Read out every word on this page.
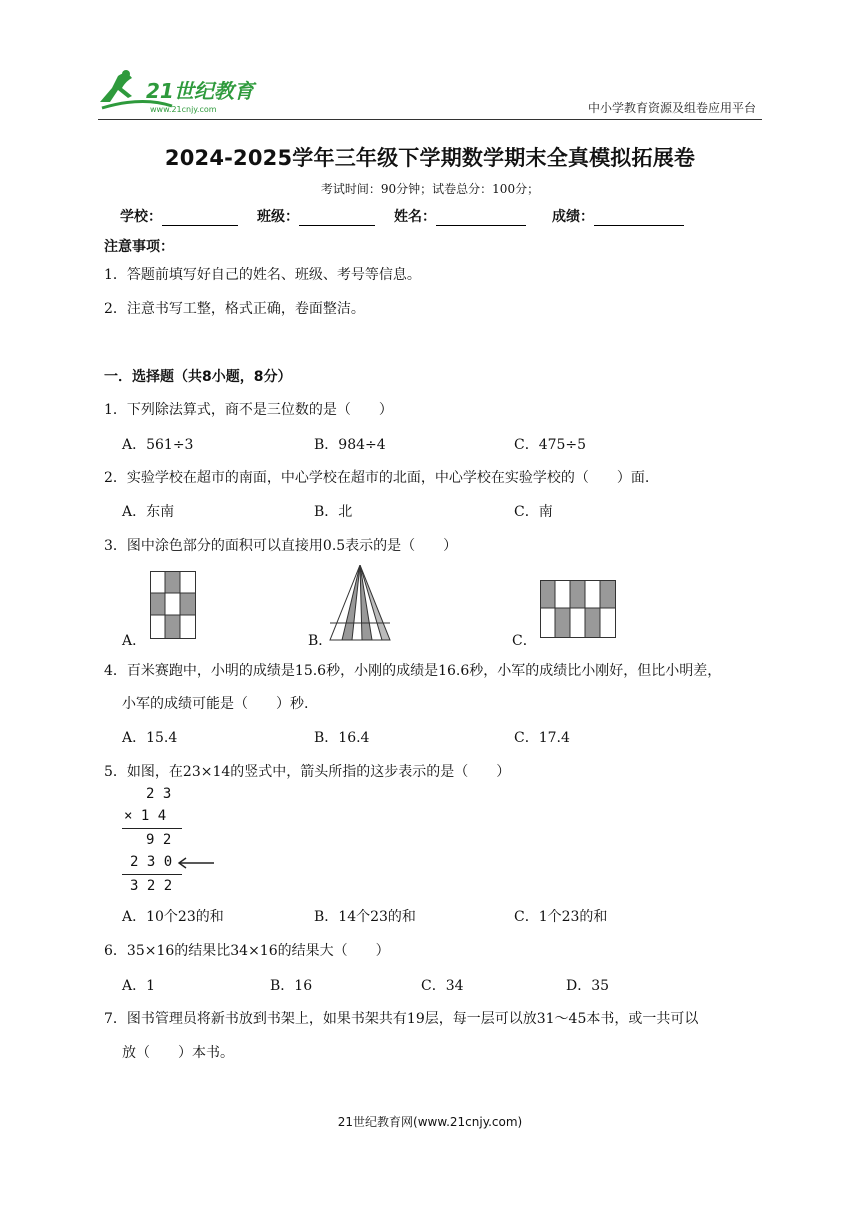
21世纪教育
www.21cnjy.com	中小学教育资源及组卷应用平台
2024-2025学年三年级下学期数学期末全真模拟拓展卷
考试时间：90分钟；试卷总分：100分；
学校：	班级：	姓名：	成绩：
注意事项：
1．答题前填写好自己的姓名、班级、考号等信息。
2．注意书写工整，格式正确，卷面整洁。
一．选择题（共8小题，8分）
1．下列除法算式，商不是三位数的是（　　）
A．561÷3	B．984÷4	C．475÷5
2．实验学校在超市的南面，中心学校在超市的北面，中心学校在实验学校的（　　）面.
A．东南	B．北	C．南
3．图中涂色部分的面积可以直接用0.5表示的是（　　）
A．	B．	C．
4．百米赛跑中，小明的成绩是15.6秒，小刚的成绩是16.6秒，小军的成绩比小刚好，但比小明差，
小军的成绩可能是（　　）秒.
A．15.4	B．16.4	C．17.4
5．如图，在23×14的竖式中，箭头所指的这步表示的是（　　）
2 3
× 1 4
9 2
2 3 0
3 2 2
A．10个23的和	B．14个23的和	C．1个23的和
6．35×16的结果比34×16的结果大（　　）
A．1	B．16	C．34	D．35
7．图书管理员将新书放到书架上，如果书架共有19层，每一层可以放31～45本书，或一共可以
放（　　）本书。
21世纪教育网(www.21cnjy.com)
